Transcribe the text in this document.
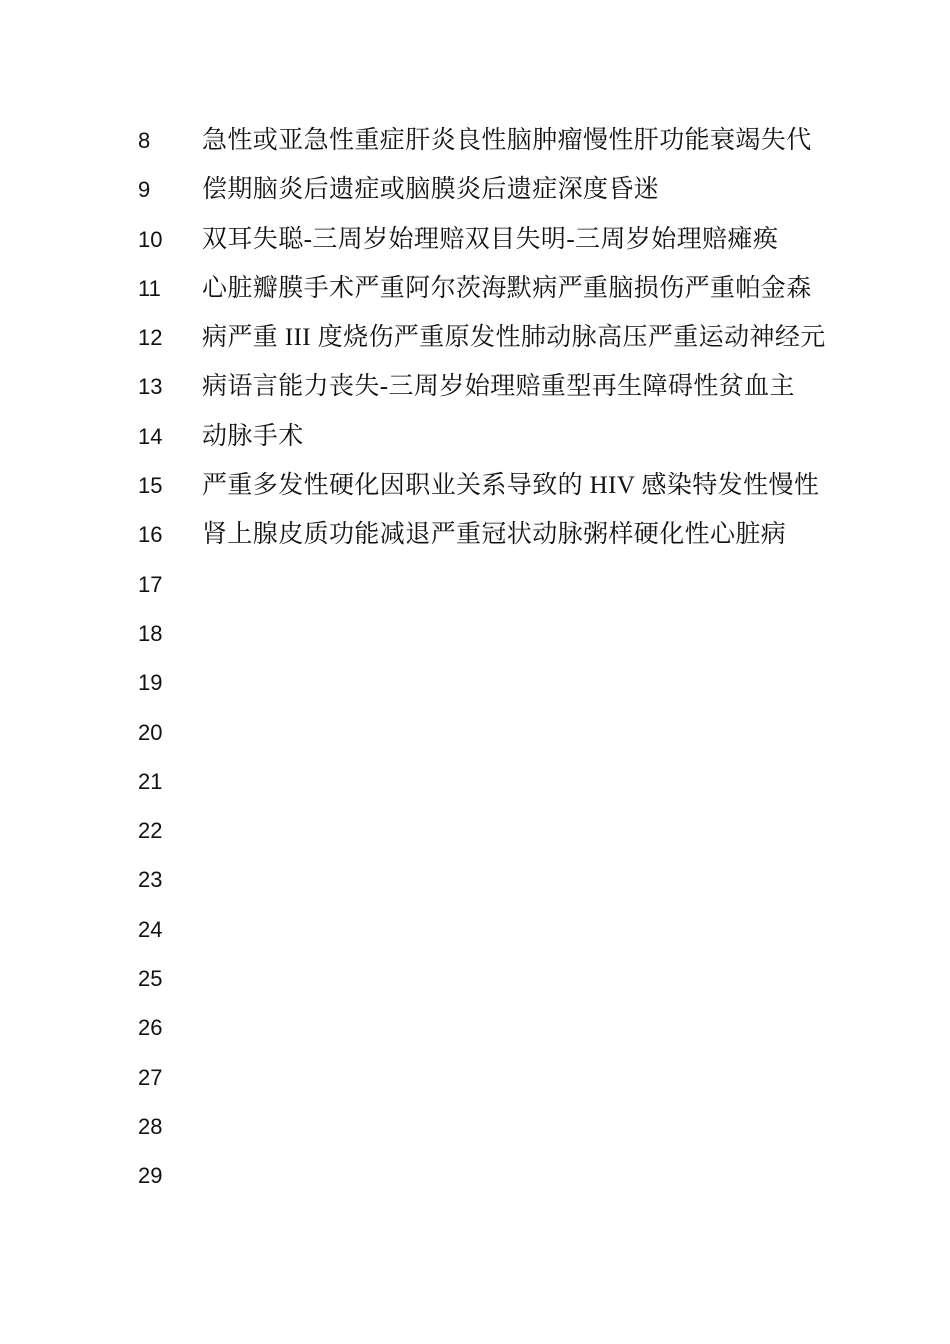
8 急性或亚急性重症肝炎良性脑肿瘤慢性肝功能衰竭失代
9 偿期脑炎后遗症或脑膜炎后遗症深度昏迷
10 双耳失聪-三周岁始理赔双目失明-三周岁始理赔瘫痪
11 心脏瓣膜手术严重阿尔茨海默病严重脑损伤严重帕金森
12 病严重 III 度烧伤严重原发性肺动脉高压严重运动神经元
13 病语言能力丧失-三周岁始理赔重型再生障碍性贫血主
14 动脉手术
15 严重多发性硬化因职业关系导致的 HIV 感染特发性慢性
16 肾上腺皮质功能减退严重冠状动脉粥样硬化性心脏病
17
18
19
20
21
22
23
24
25
26
27
28
29
